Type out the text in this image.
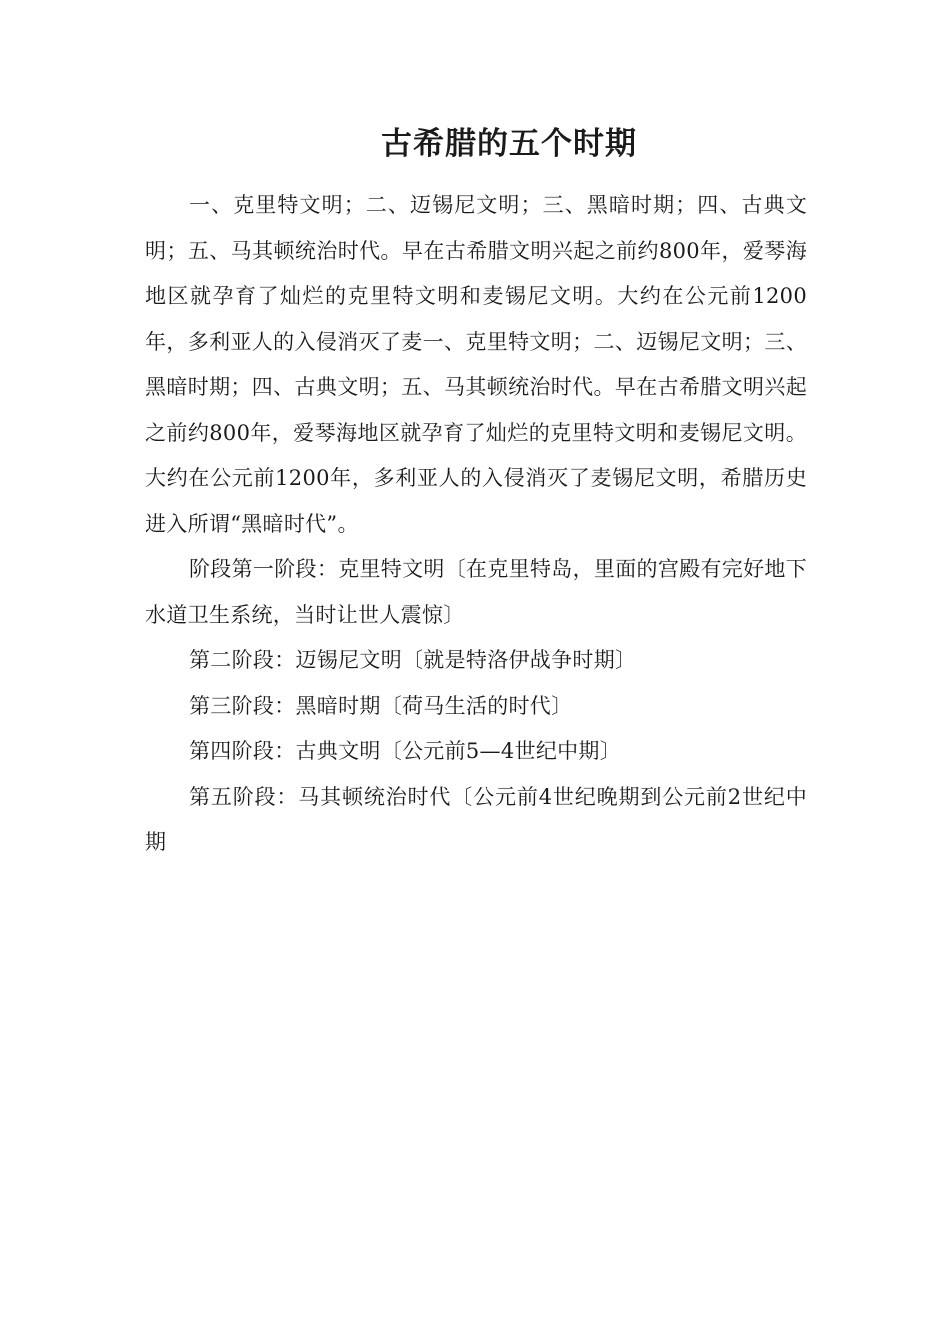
古希腊的五个时期

一、克里特文明；二、迈锡尼文明；三、黑暗时期；四、古典文明；五、马其顿统治时代。早在古希腊文明兴起之前约800年，爱琴海地区就孕育了灿烂的克里特文明和麦锡尼文明。大约在公元前1200年，多利亚人的入侵消灭了麦一、克里特文明；二、迈锡尼文明；三、黑暗时期；四、古典文明；五、马其顿统治时代。早在古希腊文明兴起之前约800年，爱琴海地区就孕育了灿烂的克里特文明和麦锡尼文明。大约在公元前1200年，多利亚人的入侵消灭了麦锡尼文明，希腊历史进入所谓“黑暗时代”。

阶段第一阶段：克里特文明〔在克里特岛，里面的宫殿有完好地下水道卫生系统，当时让世人震惊〕

第二阶段：迈锡尼文明〔就是特洛伊战争时期〕

第三阶段：黑暗时期〔荷马生活的时代〕

第四阶段：古典文明〔公元前5—4世纪中期〕

第五阶段：马其顿统治时代〔公元前4世纪晚期到公元前2世纪中期
